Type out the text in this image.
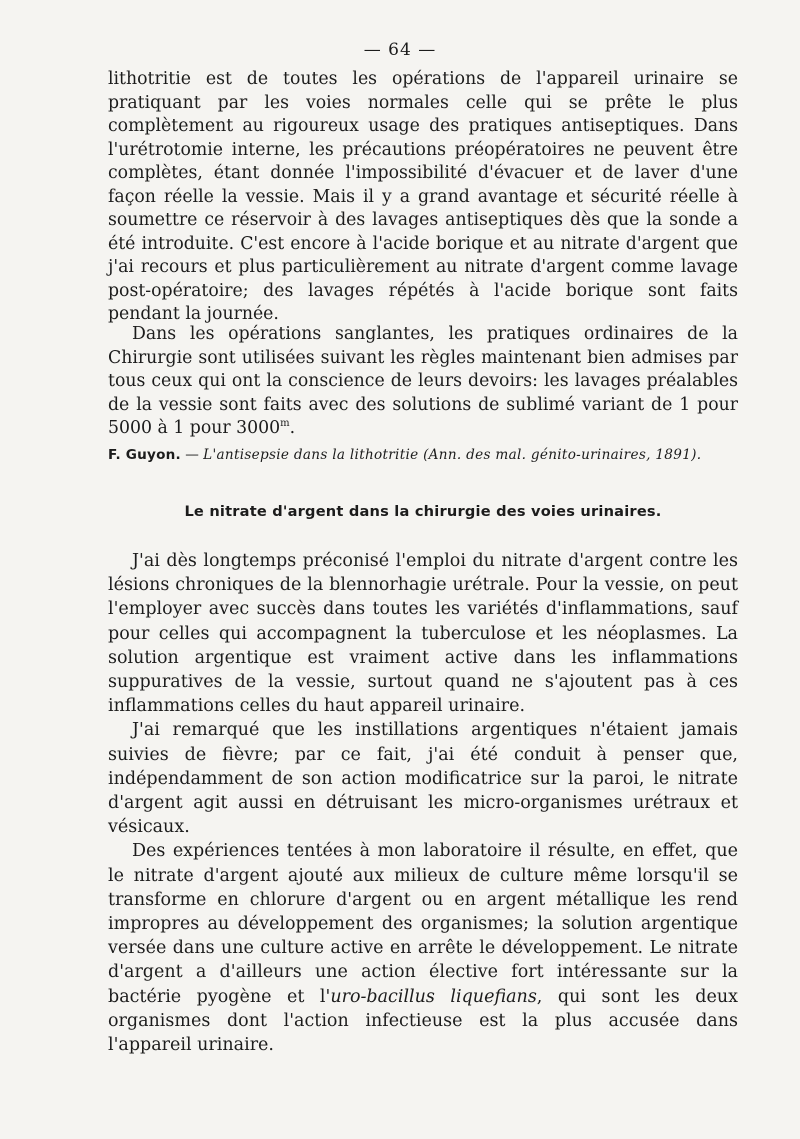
— 64 —

lithotritie est de toutes les opérations de l'appareil urinaire se pratiquant par les voies normales celle qui se prête le plus complètement au rigoureux usage des pratiques antiseptiques. Dans l'urétrotomie interne, les précautions préopératoires ne peuvent être complètes, étant donnée l'impossibilité d'évacuer et de laver d'une façon réelle la vessie. Mais il y a grand avantage et sécurité réelle à soumettre ce réservoir à des lavages antiseptiques dès que la sonde a été introduite. C'est encore à l'acide borique et au nitrate d'argent que j'ai recours et plus particulièrement au nitrate d'argent comme lavage post-opératoire; des lavages répétés à l'acide borique sont faits pendant la journée.

Dans les opérations sanglantes, les pratiques ordinaires de la Chirurgie sont utilisées suivant les règles maintenant bien admises par tous ceux qui ont la conscience de leurs devoirs: les lavages préalables de la vessie sont faits avec des solutions de sublimé variant de 1 pour 5000 à 1 pour 3000$^m$.

F. Guyon. — L'antisepsie dans la lithotritie (Ann. des mal. génito-urinaires, 1891).
Le nitrate d'argent dans la chirurgie des voies urinaires.

J'ai dès longtemps préconisé l'emploi du nitrate d'argent contre les lésions chroniques de la blennorhagie urétrale. Pour la vessie, on peut l'employer avec succès dans toutes les variétés d'inflammations, sauf pour celles qui accompagnent la tuberculose et les néoplasmes. La solution argentique est vraiment active dans les inflammations suppuratives de la vessie, surtout quand ne s'ajoutent pas à ces inflammations celles du haut appareil urinaire.

J'ai remarqué que les instillations argentiques n'étaient jamais suivies de fièvre; par ce fait, j'ai été conduit à penser que, indépendamment de son action modificatrice sur la paroi, le nitrate d'argent agit aussi en détruisant les micro-organismes urétraux et vésicaux.

Des expériences tentées à mon laboratoire il résulte, en effet, que le nitrate d'argent ajouté aux milieux de culture même lorsqu'il se transforme en chlorure d'argent ou en argent métallique les rend impropres au développement des organismes; la solution argentique versée dans une culture active en arrête le développement. Le nitrate d'argent a d'ailleurs une action élective fort intéressante sur la bactérie pyogène et l'uro-bacillus liquefians, qui sont les deux organismes dont l'action infectieuse est la plus accusée dans l'appareil urinaire.
